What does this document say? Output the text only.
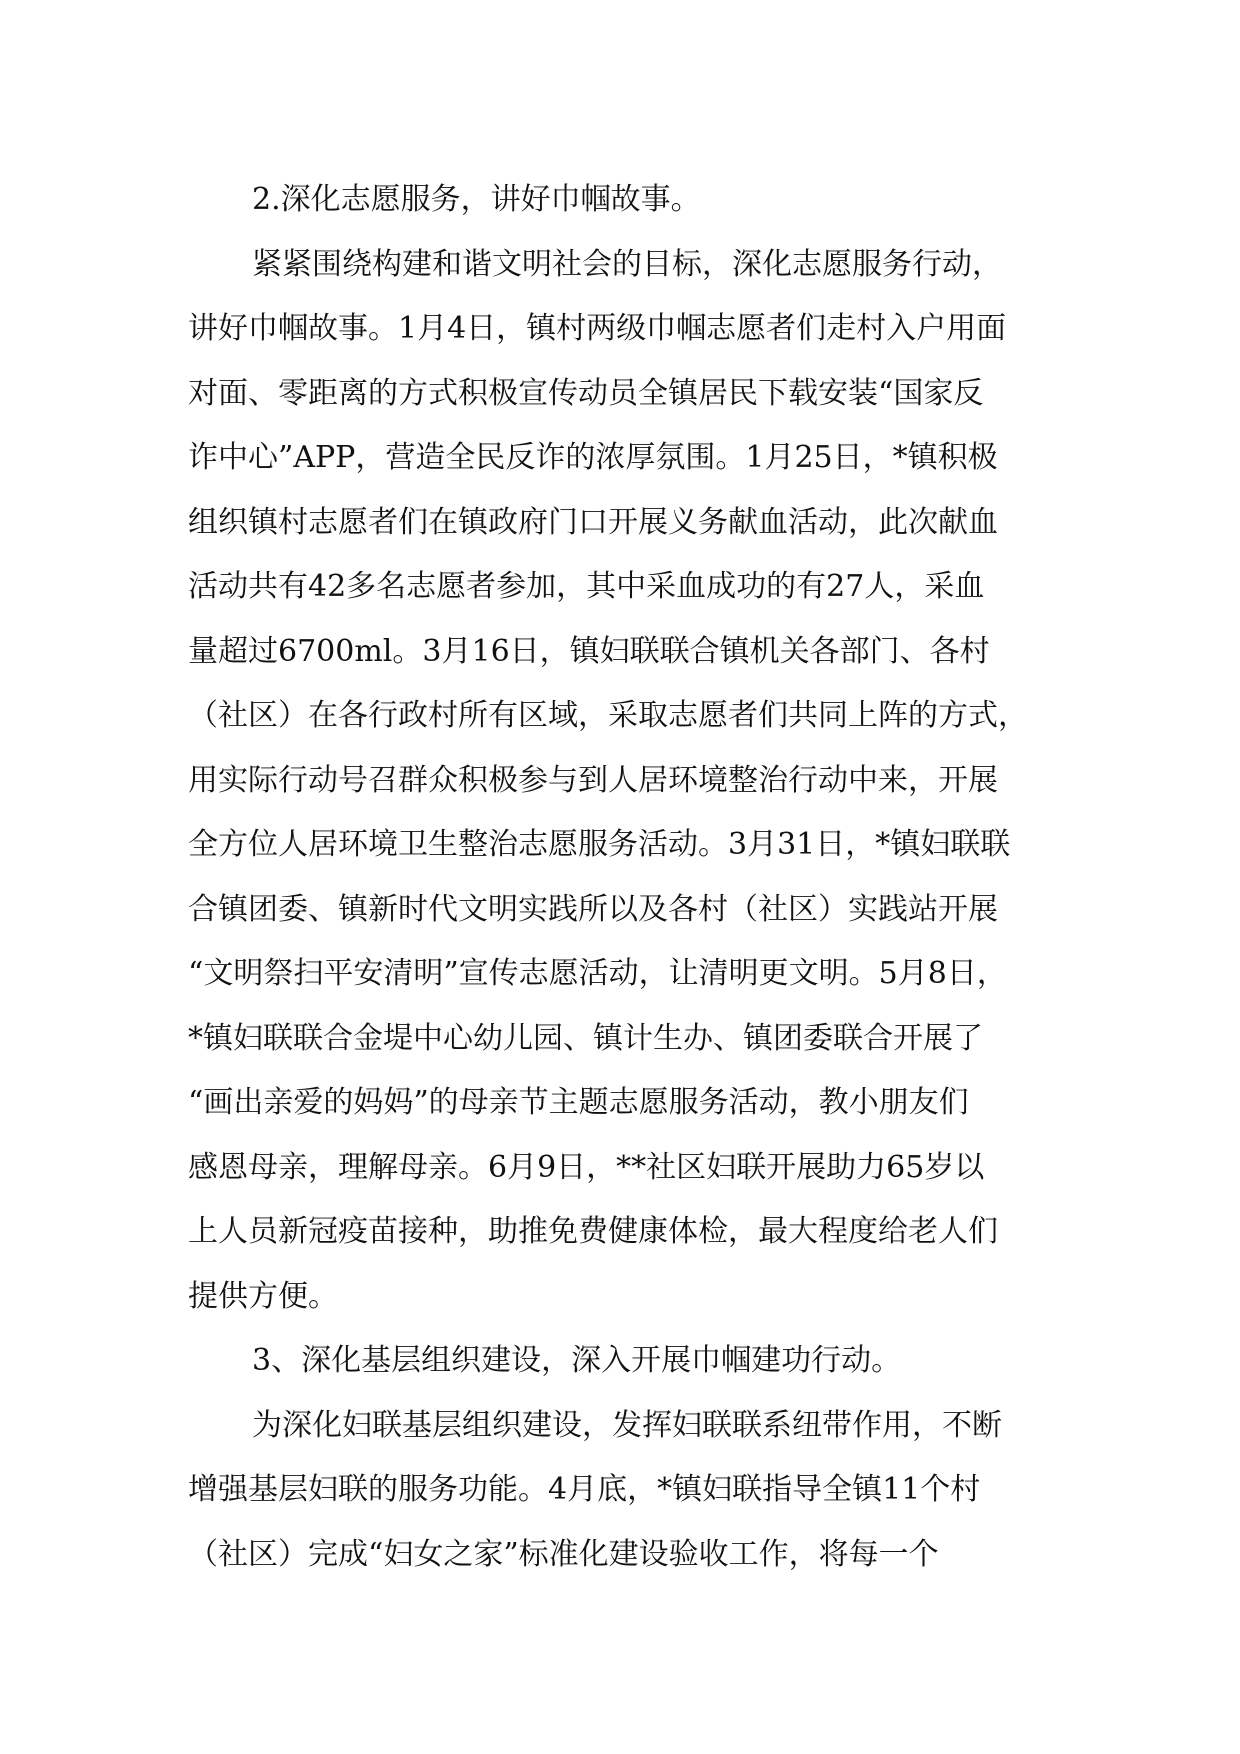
2.深化志愿服务，讲好巾帼故事。
紧紧围绕构建和谐文明社会的目标，深化志愿服务行动，
讲好巾帼故事。1月4日，镇村两级巾帼志愿者们走村入户用面
对面、零距离的方式积极宣传动员全镇居民下载安装“国家反
诈中心”APP，营造全民反诈的浓厚氛围。1月25日，*镇积极
组织镇村志愿者们在镇政府门口开展义务献血活动，此次献血
活动共有42多名志愿者参加，其中采血成功的有27人，采血
量超过6700ml。3月16日，镇妇联联合镇机关各部门、各村
（社区）在各行政村所有区域，采取志愿者们共同上阵的方式，
用实际行动号召群众积极参与到人居环境整治行动中来，开展
全方位人居环境卫生整治志愿服务活动。3月31日，*镇妇联联
合镇团委、镇新时代文明实践所以及各村（社区）实践站开展
“文明祭扫平安清明”宣传志愿活动，让清明更文明。5月8日，
*镇妇联联合金堤中心幼儿园、镇计生办、镇团委联合开展了
“画出亲爱的妈妈”的母亲节主题志愿服务活动，教小朋友们
感恩母亲，理解母亲。6月9日，**社区妇联开展助力65岁以
上人员新冠疫苗接种，助推免费健康体检，最大程度给老人们
提供方便。
3、深化基层组织建设，深入开展巾帼建功行动。
为深化妇联基层组织建设，发挥妇联联系纽带作用，不断
增强基层妇联的服务功能。4月底，*镇妇联指导全镇11个村
（社区）完成“妇女之家”标准化建设验收工作，将每一个
